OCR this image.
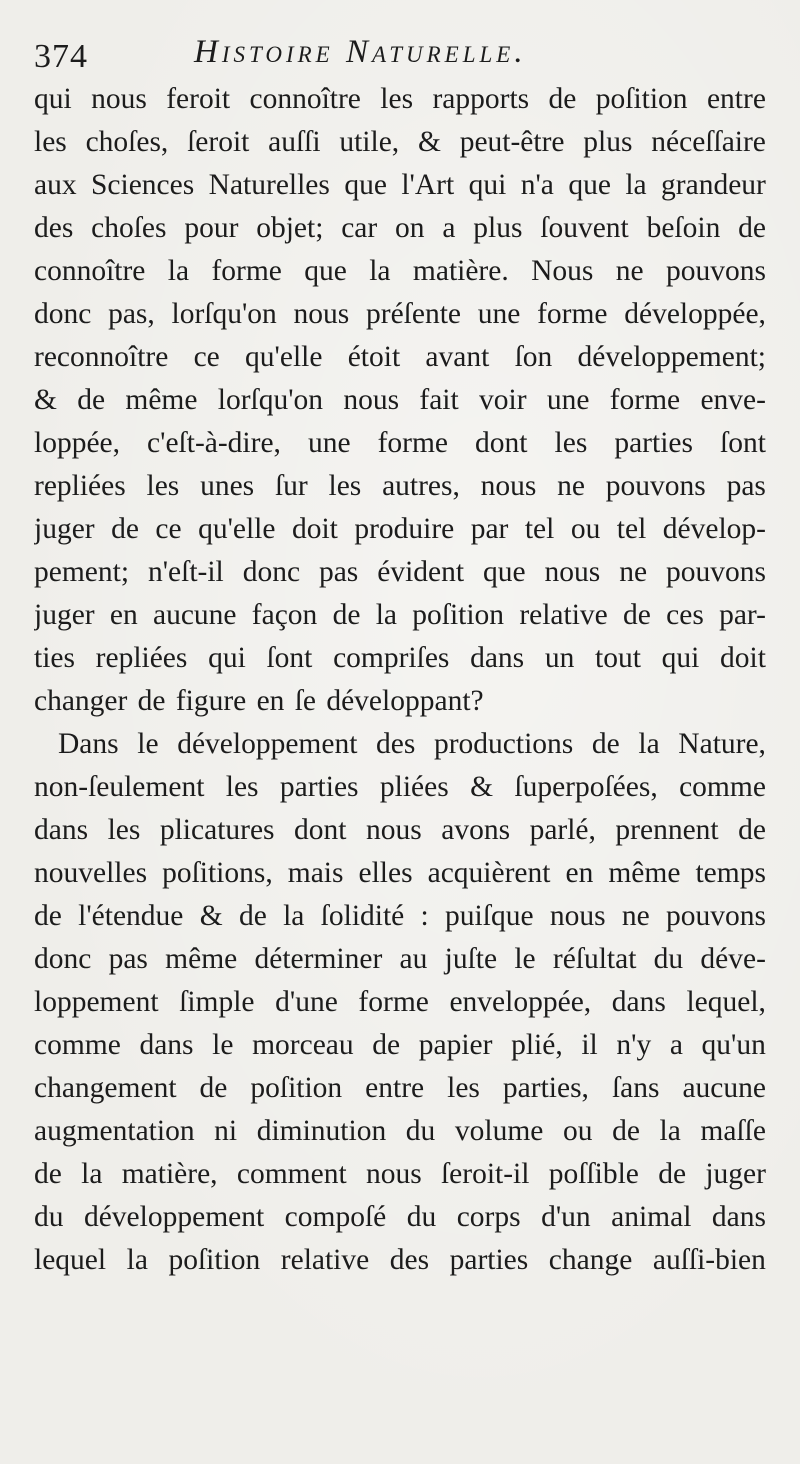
374	Histoire Naturelle.
qui nous feroit connoître les rapports de poſition entre
les choſes, ſeroit auſſi utile, & peut-être plus néceſſaire
aux Sciences Naturelles que l'Art qui n'a que la grandeur
des choſes pour objet; car on a plus ſouvent beſoin de
connoître la forme que la matière. Nous ne pouvons
donc pas, lorſqu'on nous préſente une forme développée,
reconnoître ce qu'elle étoit avant ſon développement;
& de même lorſqu'on nous fait voir une forme enve-
loppée, c'eſt-à-dire, une forme dont les parties ſont
repliées les unes ſur les autres, nous ne pouvons pas
juger de ce qu'elle doit produire par tel ou tel dévelop-
pement; n'eſt-il donc pas évident que nous ne pouvons
juger en aucune façon de la poſition relative de ces par-
ties repliées qui ſont compriſes dans un tout qui doit
changer de figure en ſe développant?
Dans le développement des productions de la Nature,
non-ſeulement les parties pliées & ſuperpoſées, comme
dans les plicatures dont nous avons parlé, prennent de
nouvelles poſitions, mais elles acquièrent en même temps
de l'étendue & de la ſolidité : puiſque nous ne pouvons
donc pas même déterminer au juſte le réſultat du déve-
loppement ſimple d'une forme enveloppée, dans lequel,
comme dans le morceau de papier plié, il n'y a qu'un
changement de poſition entre les parties, ſans aucune
augmentation ni diminution du volume ou de la maſſe
de la matière, comment nous ſeroit-il poſſible de juger
du développement compoſé du corps d'un animal dans
lequel la poſition relative des parties change auſſi-bien
